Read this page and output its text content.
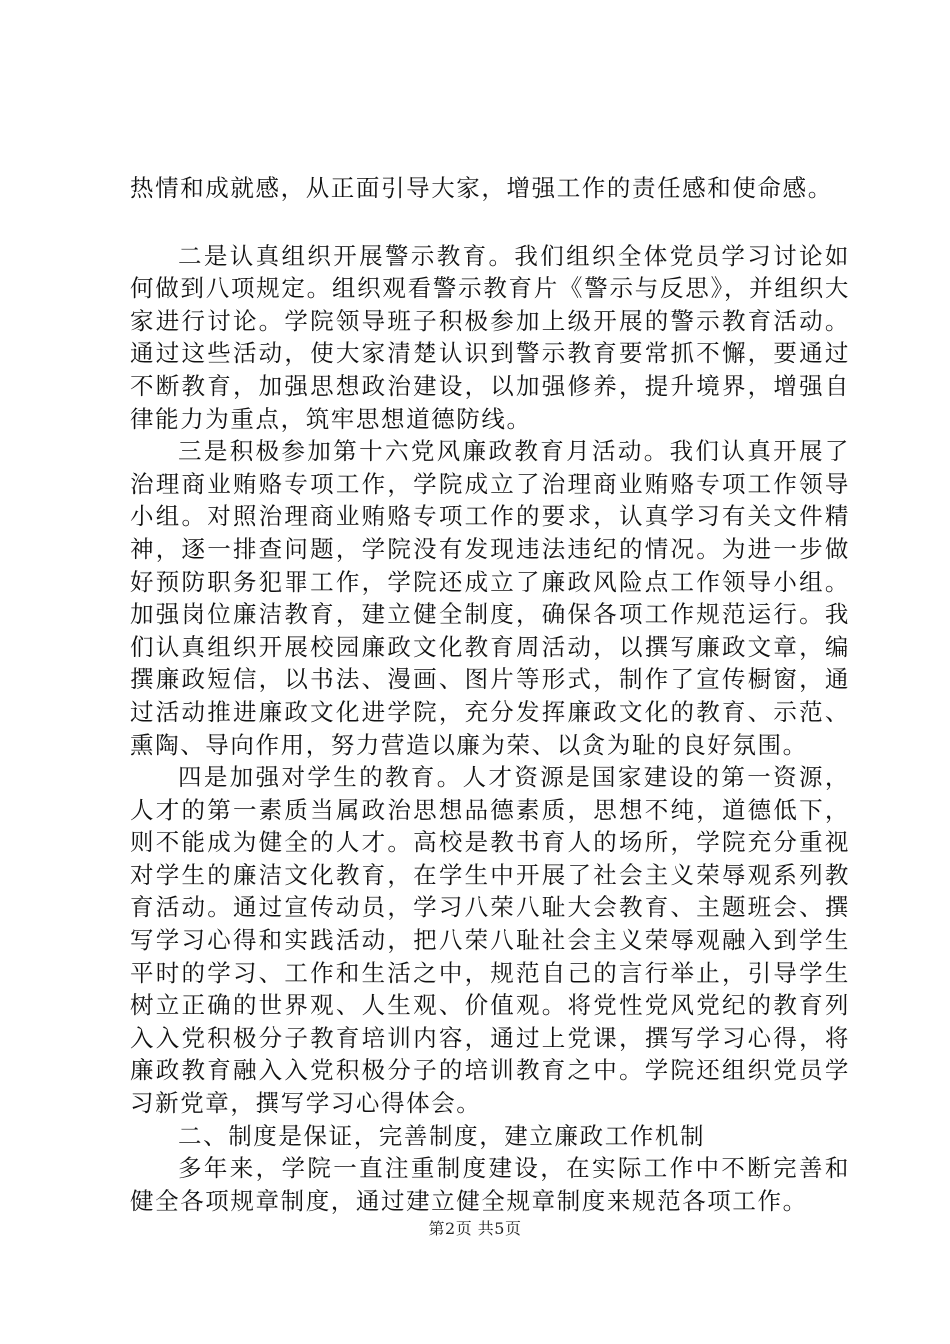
热情和成就感，从正面引导大家，增强工作的责任感和使命感。

二是认真组织开展警示教育。我们组织全体党员学习讨论如何做到八项规定。组织观看警示教育片《警示与反思》，并组织大家进行讨论。学院领导班子积极参加上级开展的警示教育活动。通过这些活动，使大家清楚认识到警示教育要常抓不懈，要通过不断教育，加强思想政治建设，以加强修养，提升境界，增强自律能力为重点，筑牢思想道德防线。

三是积极参加第十六党风廉政教育月活动。我们认真开展了治理商业贿赂专项工作，学院成立了治理商业贿赂专项工作领导小组。对照治理商业贿赂专项工作的要求，认真学习有关文件精神，逐一排查问题，学院没有发现违法违纪的情况。为进一步做好预防职务犯罪工作，学院还成立了廉政风险点工作领导小组。加强岗位廉洁教育，建立健全制度，确保各项工作规范运行。我们认真组织开展校园廉政文化教育周活动，以撰写廉政文章，编撰廉政短信，以书法、漫画、图片等形式，制作了宣传橱窗，通过活动推进廉政文化进学院，充分发挥廉政文化的教育、示范、熏陶、导向作用，努力营造以廉为荣、以贪为耻的良好氛围。

四是加强对学生的教育。人才资源是国家建设的第一资源，人才的第一素质当属政治思想品德素质，思想不纯，道德低下，则不能成为健全的人才。高校是教书育人的场所，学院充分重视对学生的廉洁文化教育，在学生中开展了社会主义荣辱观系列教育活动。通过宣传动员，学习八荣八耻大会教育、主题班会、撰写学习心得和实践活动，把八荣八耻社会主义荣辱观融入到学生平时的学习、工作和生活之中，规范自己的言行举止，引导学生树立正确的世界观、人生观、价值观。将党性党风党纪的教育列入入党积极分子教育培训内容，通过上党课，撰写学习心得，将廉政教育融入入党积极分子的培训教育之中。学院还组织党员学习新党章，撰写学习心得体会。

二、制度是保证，完善制度，建立廉政工作机制

多年来，学院一直注重制度建设，在实际工作中不断完善和健全各项规章制度，通过建立健全规章制度来规范各项工作。

第2页 共5页
